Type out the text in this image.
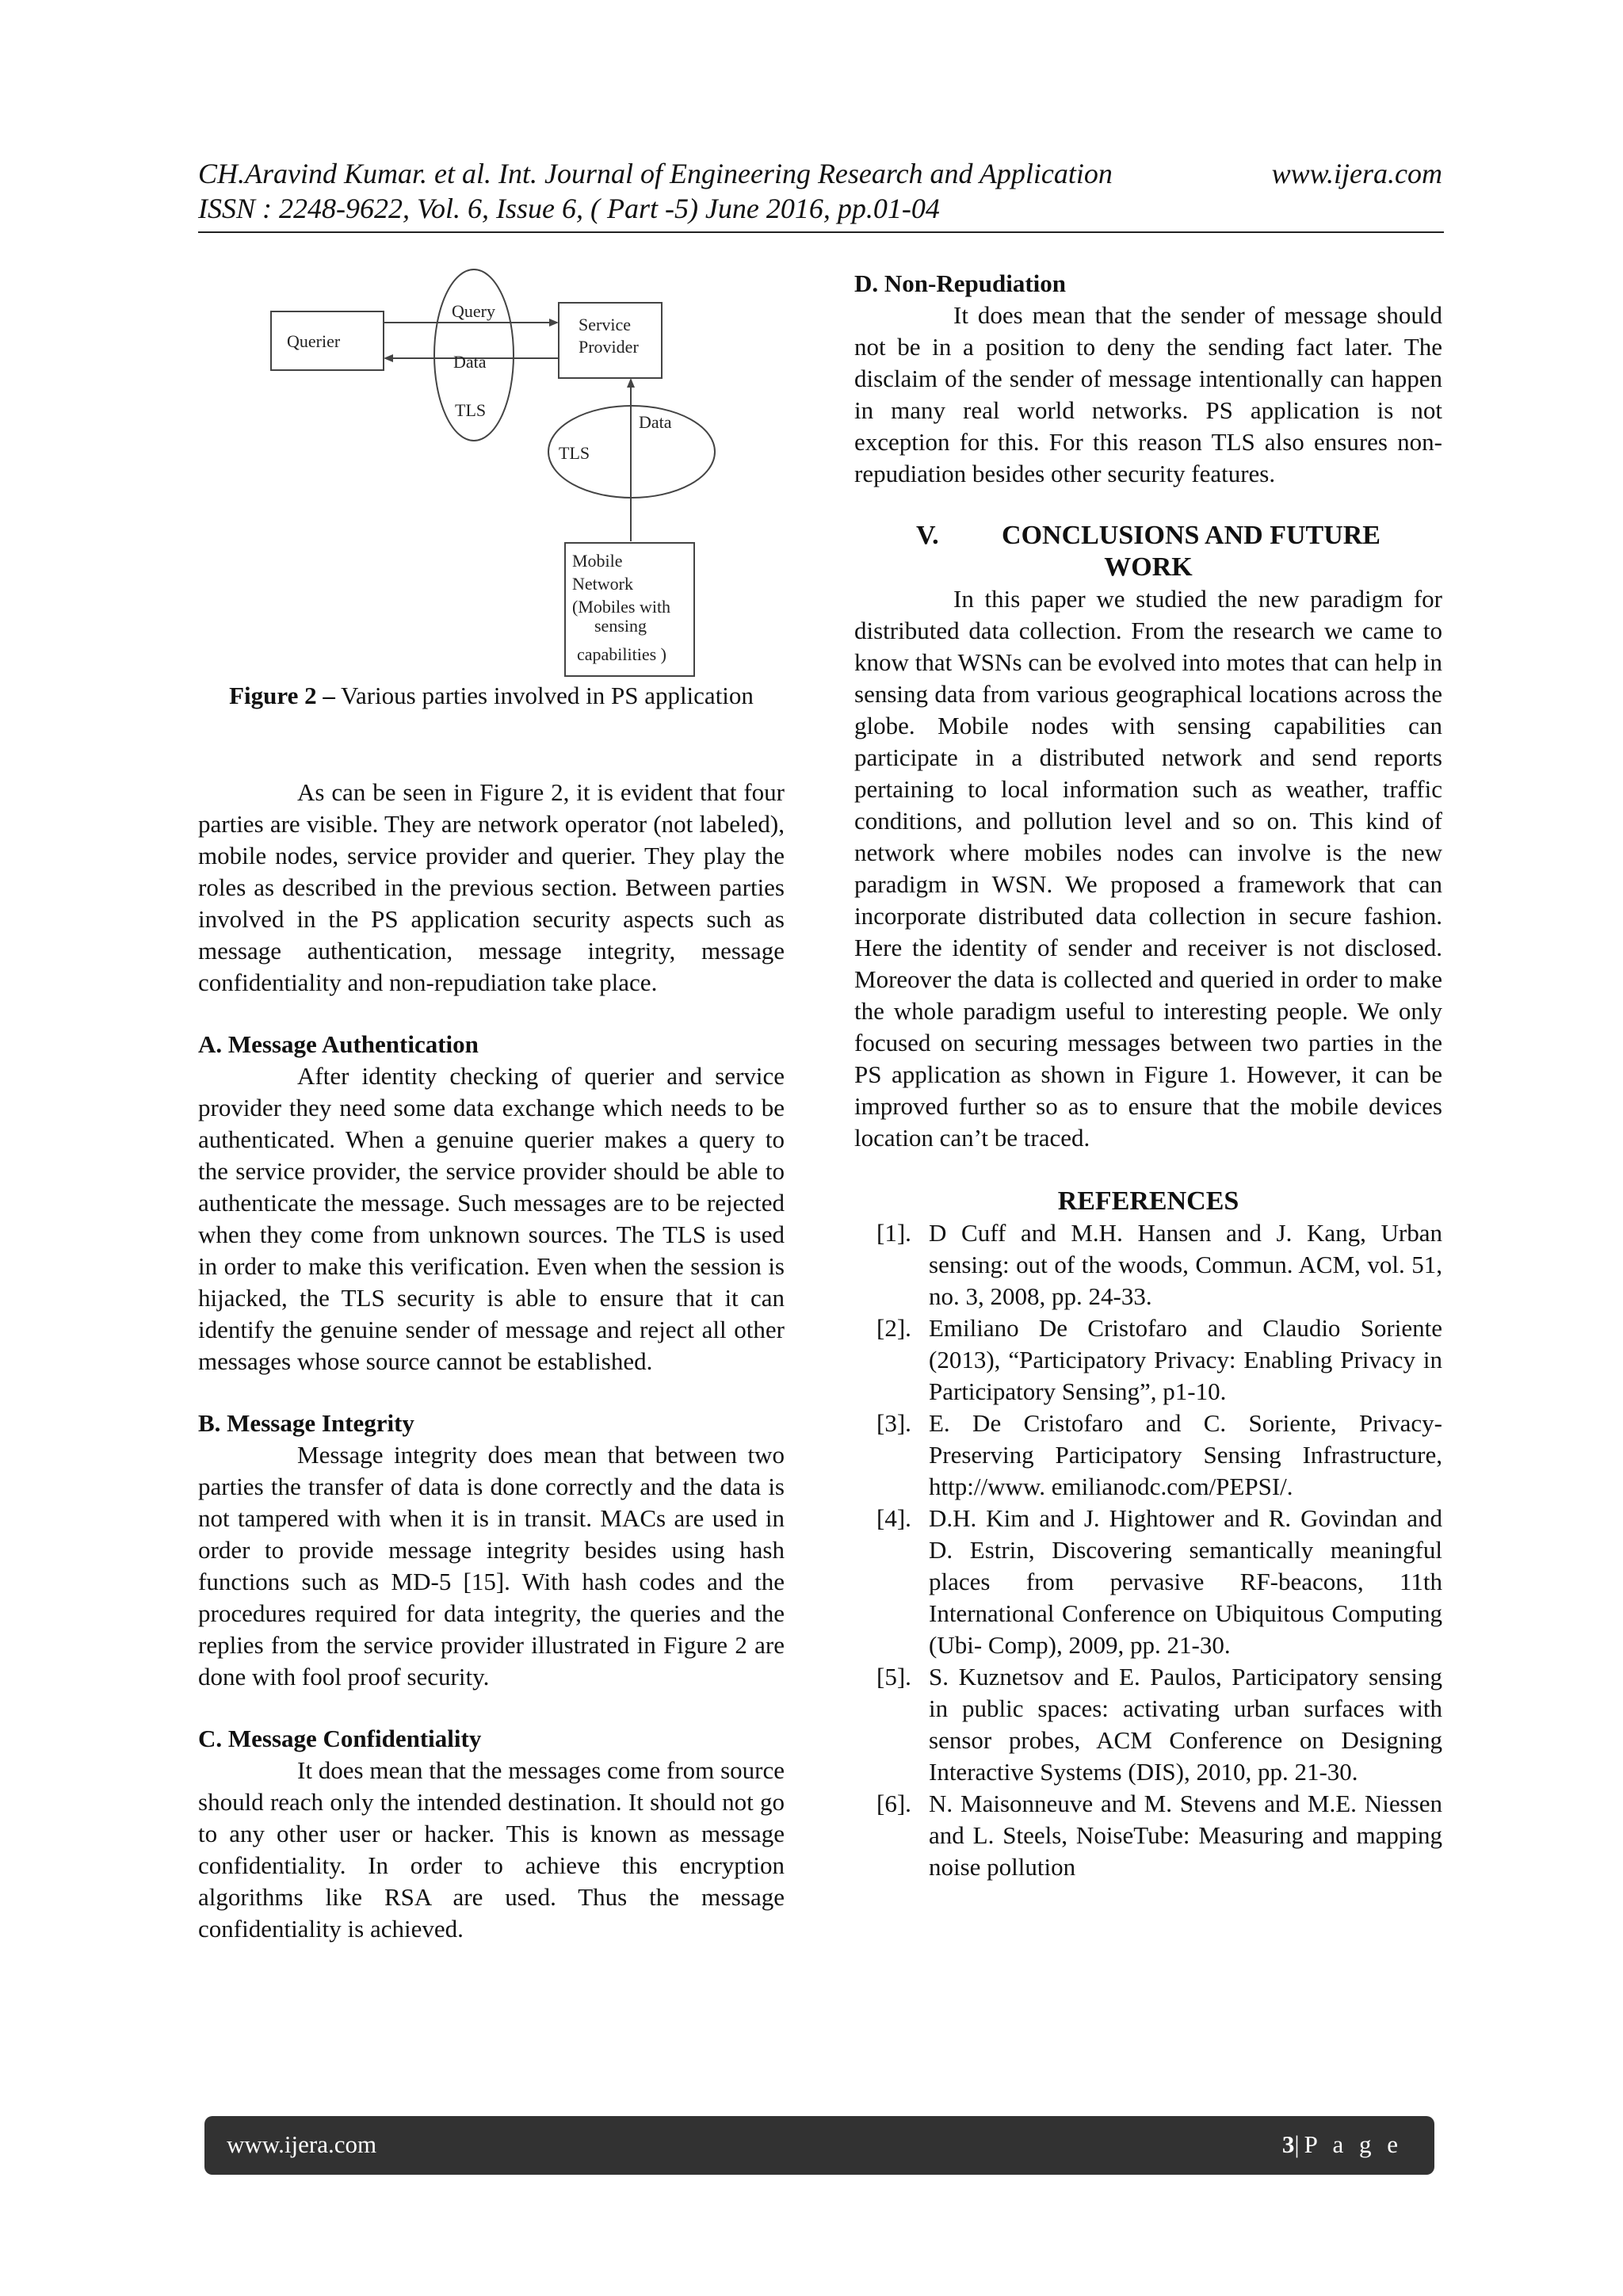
CH.Aravind Kumar. et al. Int. Journal of Engineering Research and Application	www.ijera.com
ISSN : 2248-9622, Vol. 6, Issue 6, ( Part -5) June 2016, pp.01-04
Querier
Query
Data
TLS
Service
Provider
TLS
Data
Mobile
Network
(Mobiles with
sensing
capabilities )
Figure 2 – Various parties involved in PS application

As can be seen in Figure 2, it is evident that four parties are visible. They are network operator (not labeled), mobile nodes, service provider and querier. They play the roles as described in the previous section. Between parties involved in the PS application security aspects such as message authentication, message integrity, message confidentiality and non-repudiation take place.

A. Message Authentication

After identity checking of querier and service provider they need some data exchange which needs to be authenticated. When a genuine querier makes a query to the service provider, the service provider should be able to authenticate the message. Such messages are to be rejected when they come from unknown sources. The TLS is used in order to make this verification. Even when the session is hijacked, the TLS security is able to ensure that it can identify the genuine sender of message and reject all other messages whose source cannot be established.

B. Message Integrity

Message integrity does mean that between two parties the transfer of data is done correctly and the data is not tampered with when it is in transit. MACs are used in order to provide message integrity besides using hash functions such as MD-5 [15]. With hash codes and the procedures required for data integrity, the queries and the replies from the service provider illustrated in Figure 2 are done with fool proof security.

C. Message Confidentiality

It does mean that the messages come from source should reach only the intended destination. It should not go to any other user or hacker. This is known as message confidentiality. In order to achieve this encryption algorithms like RSA are used. Thus the message confidentiality is achieved.

D. Non-Repudiation

It does mean that the sender of message should not be in a position to deny the sending fact later. The disclaim of the sender of message intentionally can happen in many real world networks. PS application is not exception for this. For this reason TLS also ensures non-repudiation besides other security features.

V. CONCLUSIONS AND FUTURE
WORK

In this paper we studied the new paradigm for distributed data collection. From the research we came to know that WSNs can be evolved into motes that can help in sensing data from various geographical locations across the globe. Mobile nodes with sensing capabilities can participate in a distributed network and send reports pertaining to local information such as weather, traffic conditions, and pollution level and so on. This kind of network where mobiles nodes can involve is the new paradigm in WSN. We proposed a framework that can incorporate distributed data collection in secure fashion. Here the identity of sender and receiver is not disclosed. Moreover the data is collected and queried in order to make the whole paradigm useful to interesting people. We only focused on securing messages between two parties in the PS application as shown in Figure 1. However, it can be improved further so as to ensure that the mobile devices location can’t be traced.

REFERENCES

[1]. D Cuff and M.H. Hansen and J. Kang, Urban sensing: out of the woods, Commun. ACM, vol. 51, no. 3, 2008, pp. 24-33.
[2]. Emiliano De Cristofaro and Claudio Soriente (2013), “Participatory Privacy: Enabling Privacy in Participatory Sensing”, p1-10.
[3]. E. De Cristofaro and C. Soriente, Privacy-Preserving Participatory Sensing Infrastructure, http://www. emilianodc.com/PEPSI/.
[4]. D.H. Kim and J. Hightower and R. Govindan and D. Estrin, Discovering semantically meaningful places from pervasive RF-beacons, 11th International Conference on Ubiquitous Computing (Ubi- Comp), 2009, pp. 21-30.
[5]. S. Kuznetsov and E. Paulos, Participatory sensing in public spaces: activating urban surfaces with sensor probes, ACM Conference on Designing Interactive Systems (DIS), 2010, pp. 21-30.
[6]. N. Maisonneuve and M. Stevens and M.E. Niessen and L. Steels, NoiseTube: Measuring and mapping noise pollution
www.ijera.com	3|P a g e
